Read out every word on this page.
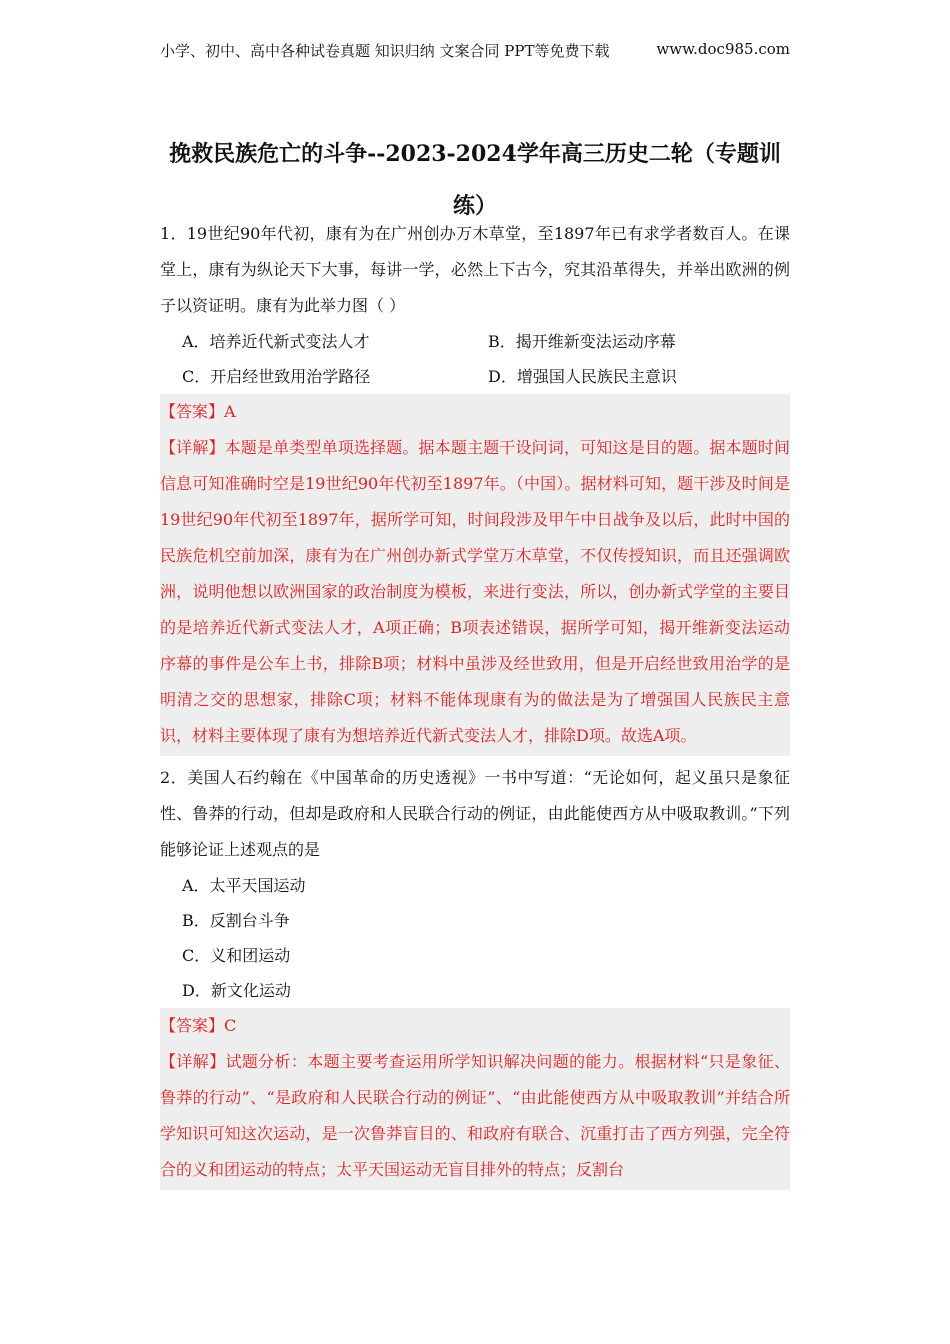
小学、初中、高中各种试卷真题 知识归纳 文案合同 PPT等免费下载	www.doc985.com
挽救民族危亡的斗争--2023-2024学年高三历史二轮（专题训练）

1．19世纪90年代初，康有为在广州创办万木草堂，至1897年已有求学者数百人。在课堂上，康有为纵论天下大事，每讲一学，必然上下古今，究其沿革得失，并举出欧洲的例子以资证明。康有为此举力图（ ）

A．培养近代新式变法人才	B．揭开维新变法运动序幕
C．开启经世致用治学路径	D．增强国人民族民主意识

【答案】A

【详解】本题是单类型单项选择题。据本题主题干设问词，可知这是目的题。据本题时间信息可知准确时空是19世纪90年代初至1897年。（中国）。据材料可知，题干涉及时间是19世纪90年代初至1897年，据所学可知，时间段涉及甲午中日战争及以后，此时中国的民族危机空前加深，康有为在广州创办新式学堂万木草堂，不仅传授知识，而且还强调欧洲，说明他想以欧洲国家的政治制度为模板，来进行变法，所以，创办新式学堂的主要目的是培养近代新式变法人才，A项正确；B项表述错误，据所学可知，揭开维新变法运动序幕的事件是公车上书，排除B项；材料中虽涉及经世致用，但是开启经世致用治学的是明清之交的思想家，排除C项；材料不能体现康有为的做法是为了增强国人民族民主意识，材料主要体现了康有为想培养近代新式变法人才，排除D项。故选A项。

2．美国人石约翰在《中国革命的历史透视》一书中写道：“无论如何，起义虽只是象征性、鲁莽的行动，但却是政府和人民联合行动的例证，由此能使西方从中吸取教训。”下列能够论证上述观点的是

A．太平天国运动
B．反割台斗争
C．义和团运动
D．新文化运动

【答案】C

【详解】试题分析：本题主要考查运用所学知识解决问题的能力。根据材料“只是象征、鲁莽的行动”、“是政府和人民联合行动的例证”、“由此能使西方从中吸取教训”并结合所学知识可知这次运动，是一次鲁莽盲目的、和政府有联合、沉重打击了西方列强，完全符合的义和团运动的特点；太平天国运动无盲目排外的特点；反割台
